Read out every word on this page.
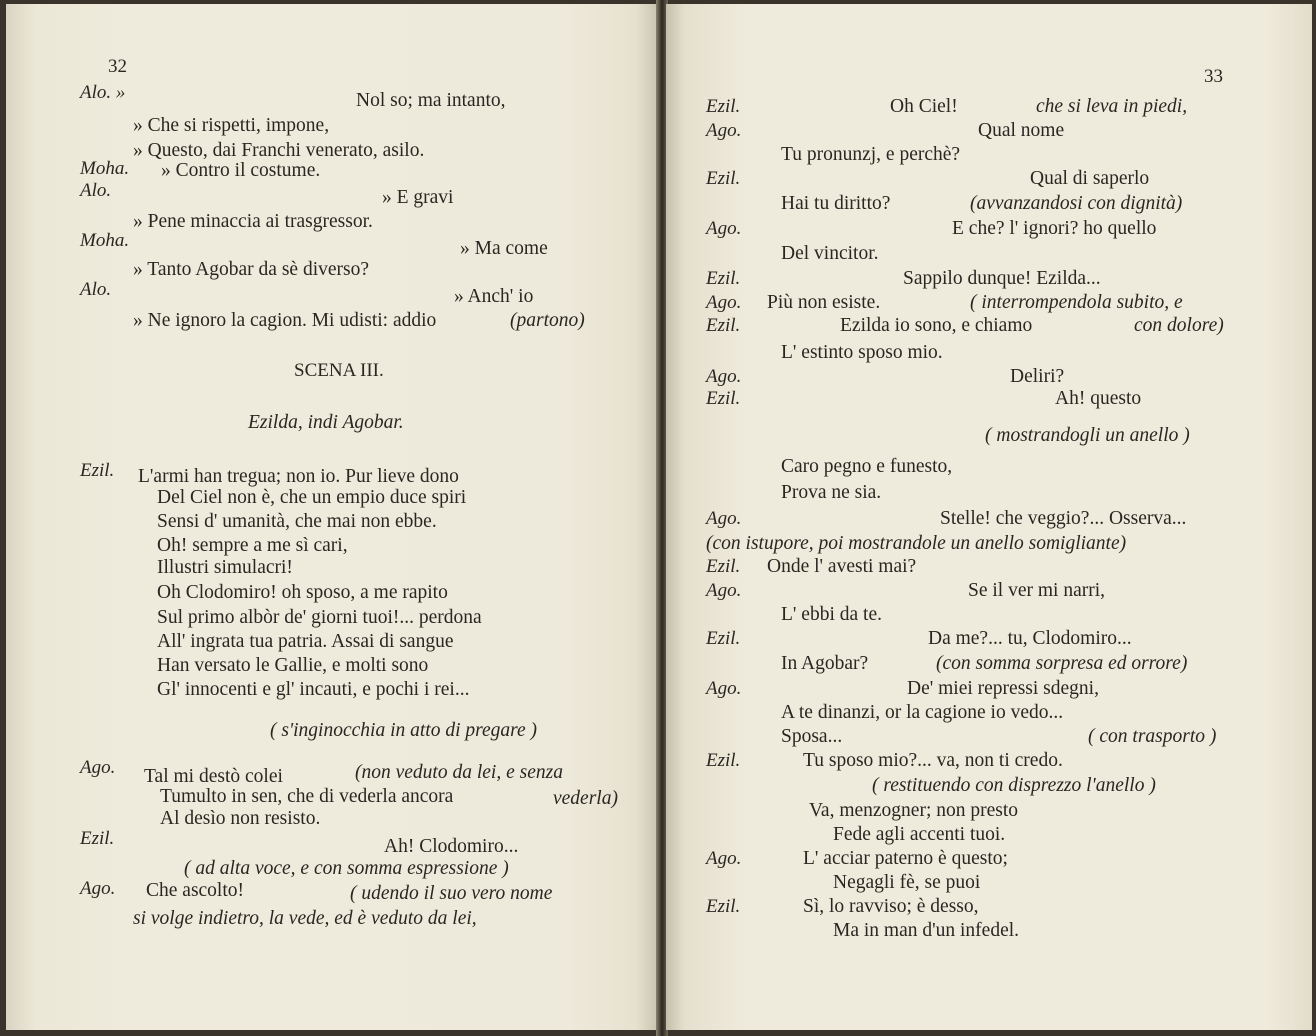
32
SCENA III.
L'armi han tregua; non io. Pur lieve dono
Tal mi destò colei
Alo. »
Moha.
Alo.
Moha.
Alo.
Ezil.
Ago.
Ezil.
Ago.
Nol so; ma intanto,
» Che si rispetti, impone,
» Questo, dai Franchi venerato, asilo.
» Contro il costume.
» E gravi
» Pene minaccia ai trasgressor.
» Ma come
» Tanto Agobar da sè diverso?
» Anch' io
» Ne ignoro la cagion. Mi udisti: addio
Del Ciel non è, che un empio duce spiri
Sensi d' umanità, che mai non ebbe.
Oh! sempre a me sì cari,
Illustri simulacri!
Oh Clodomiro! oh sposo, a me rapito
Sul primo albòr de' giorni tuoi!... perdona
All' ingrata tua patria. Assai di sangue
Han versato le Gallie, e molti sono
Gl' innocenti e gl' incauti, e pochi i rei...
Tumulto in sen, che di vederla ancora
Al desìo non resisto.
Ah! Clodomiro...
Che ascolto!
(partono)
Ezilda, indi Agobar.
( s'inginocchia in atto di pregare )
(non veduto da lei, e senza
vederla)
( ad alta voce, e con somma espressione )
( udendo il suo vero nome
si volge indietro, la vede, ed è veduto da lei,
33
Ezil.
Ago.
Ezil.
Ago.
Ezil.
Ago.
Ezil.
Ago.
Ezil.
Ago.
Ezil.
Ago.
Ezil.
Ago.
Ezil.
Ago.
Ezil.
Oh Ciel!
Qual nome
Tu pronunzj, e perchè?
Qual di saperlo
Hai tu diritto?
E che? l' ignori? ho quello
Del vincitor.
Sappilo dunque! Ezilda...
Più non esiste.
Ezilda io sono, e chiamo
L' estinto sposo mio.
Deliri?
Ah! questo
Caro pegno e funesto,
Prova ne sia.
Stelle! che veggio?... Osserva...
Onde l' avesti mai?
Se il ver mi narri,
L' ebbi da te.
Da me?... tu, Clodomiro...
In Agobar?
De' miei repressi sdegni,
A te dinanzi, or la cagione io vedo...
Sposa...
Tu sposo mio?... va, non ti credo.
Va, menzogner; non presto
Fede agli accenti tuoi.
L' acciar paterno è questo;
Negagli fè, se puoi
Sì, lo ravviso; è desso,
Ma in man d'un infedel.
che si leva in piedi,
(avvanzandosi con dignità)
( interrompendola subito, e
con dolore)
( mostrandogli un anello )
(con istupore, poi mostrandole un anello somigliante)
(con somma sorpresa ed orrore)
( con trasporto )
( restituendo con disprezzo l'anello )
